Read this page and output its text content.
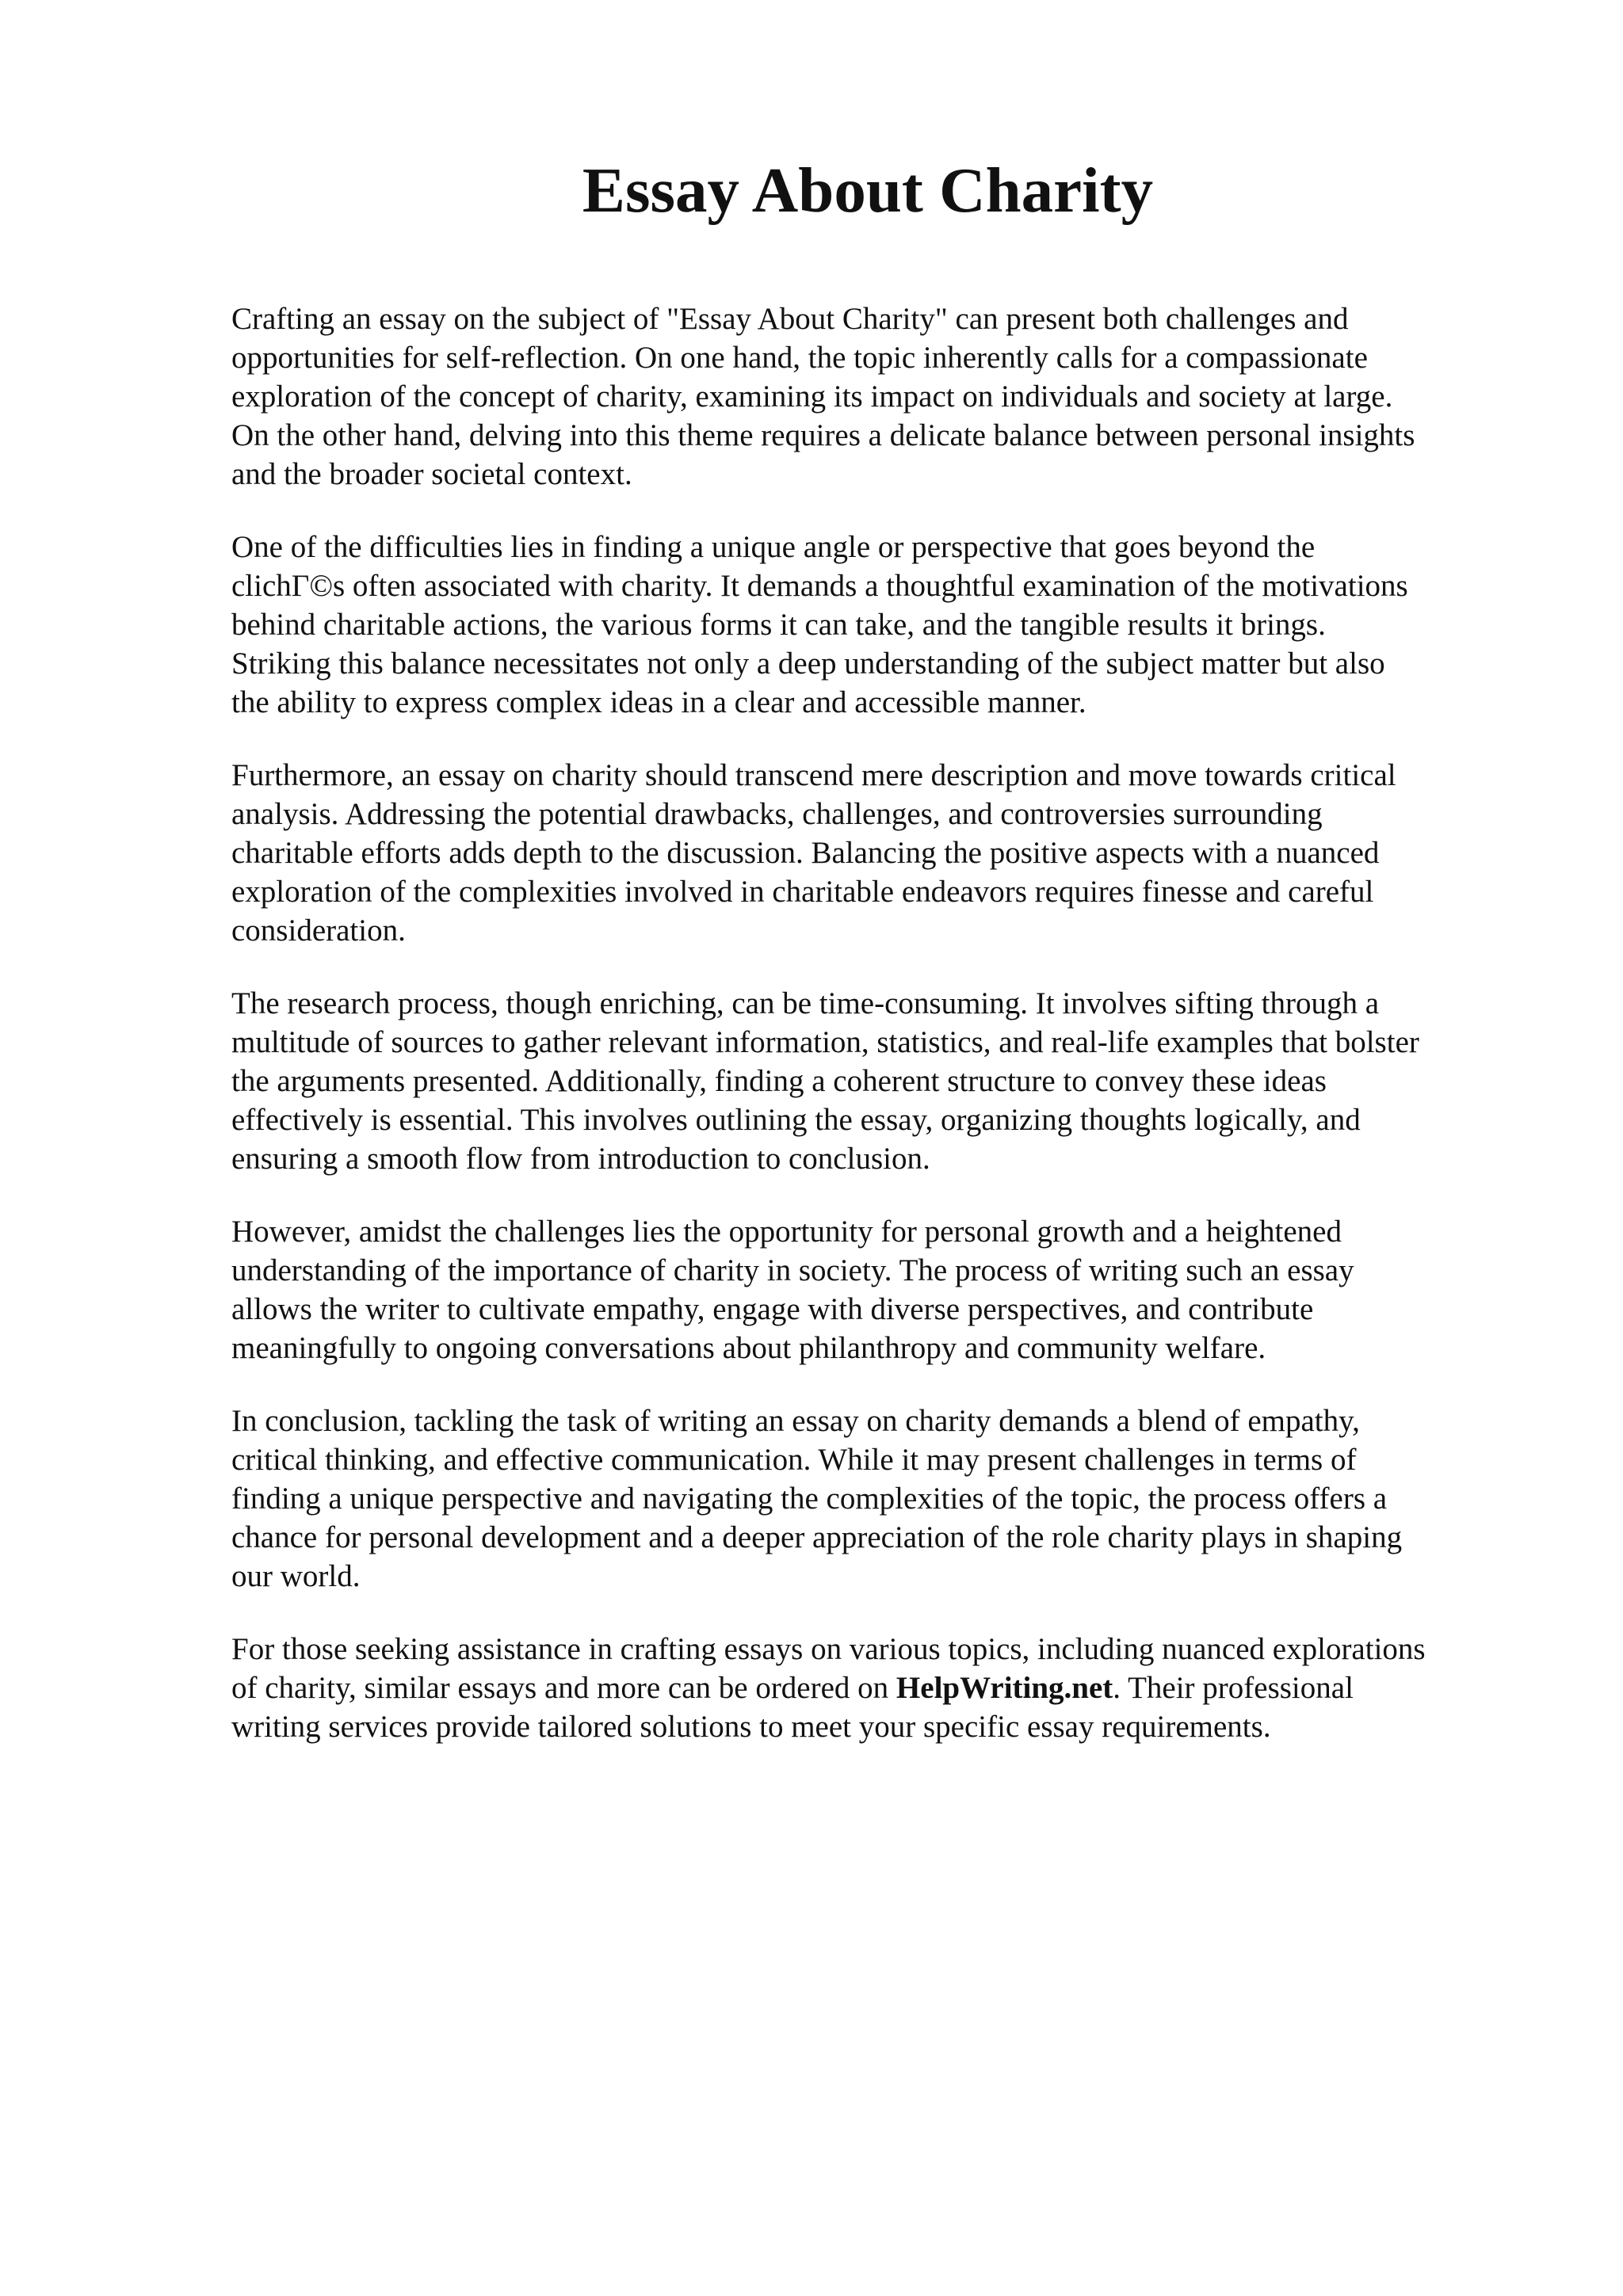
Essay About Charity

Crafting an essay on the subject of "Essay About Charity" can present both challenges and
opportunities for self-reflection. On one hand, the topic inherently calls for a compassionate
exploration of the concept of charity, examining its impact on individuals and society at large.
On the other hand, delving into this theme requires a delicate balance between personal insights
and the broader societal context.

One of the difficulties lies in finding a unique angle or perspective that goes beyond the
clichΓ©s often associated with charity. It demands a thoughtful examination of the motivations
behind charitable actions, the various forms it can take, and the tangible results it brings.
Striking this balance necessitates not only a deep understanding of the subject matter but also
the ability to express complex ideas in a clear and accessible manner.

Furthermore, an essay on charity should transcend mere description and move towards critical
analysis. Addressing the potential drawbacks, challenges, and controversies surrounding
charitable efforts adds depth to the discussion. Balancing the positive aspects with a nuanced
exploration of the complexities involved in charitable endeavors requires finesse and careful
consideration.

The research process, though enriching, can be time-consuming. It involves sifting through a
multitude of sources to gather relevant information, statistics, and real-life examples that bolster
the arguments presented. Additionally, finding a coherent structure to convey these ideas
effectively is essential. This involves outlining the essay, organizing thoughts logically, and
ensuring a smooth flow from introduction to conclusion.

However, amidst the challenges lies the opportunity for personal growth and a heightened
understanding of the importance of charity in society. The process of writing such an essay
allows the writer to cultivate empathy, engage with diverse perspectives, and contribute
meaningfully to ongoing conversations about philanthropy and community welfare.

In conclusion, tackling the task of writing an essay on charity demands a blend of empathy,
critical thinking, and effective communication. While it may present challenges in terms of
finding a unique perspective and navigating the complexities of the topic, the process offers a
chance for personal development and a deeper appreciation of the role charity plays in shaping
our world.

For those seeking assistance in crafting essays on various topics, including nuanced explorations
of charity, similar essays and more can be ordered on HelpWriting.net. Their professional
writing services provide tailored solutions to meet your specific essay requirements.
